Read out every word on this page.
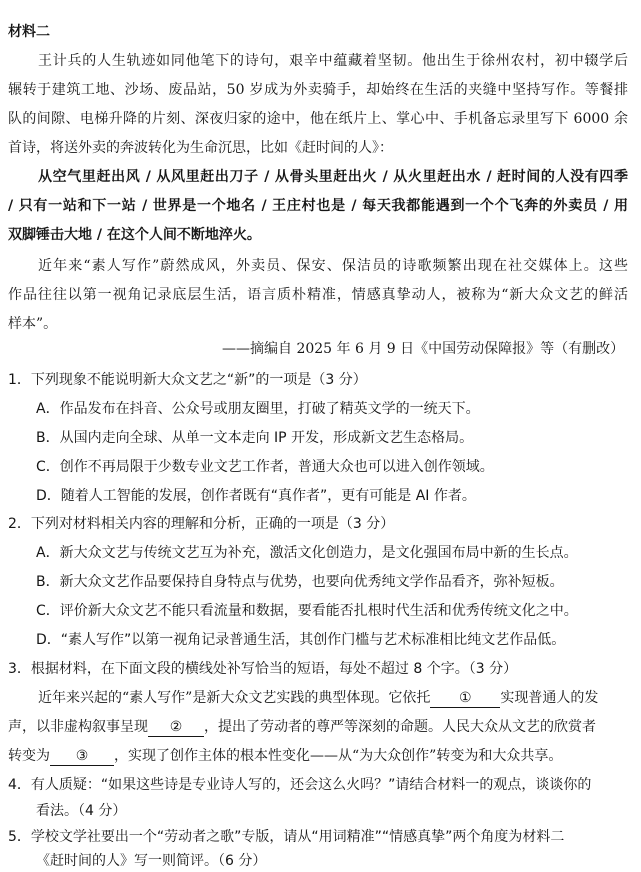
材料二
王计兵的人生轨迹如同他笔下的诗句，艰辛中蕴藏着坚韧。他出生于徐州农村，初中辍学后
辗转于建筑工地、沙场、废品站，50 岁成为外卖骑手，却始终在生活的夹缝中坚持写作。等餐排
队的间隙、电梯升降的片刻、深夜归家的途中，他在纸片上、掌心中、手机备忘录里写下 6000 余
首诗，将送外卖的奔波转化为生命沉思，比如《赶时间的人》：
从空气里赶出风 / 从风里赶出刀子 / 从骨头里赶出火 / 从火里赶出水 / 赶时间的人没有四季
/ 只有一站和下一站 / 世界是一个地名 / 王庄村也是 / 每天我都能遇到一个个飞奔的外卖员 / 用
双脚锤击大地 / 在这个人间不断地淬火。
近年来“素人写作”蔚然成风，外卖员、保安、保洁员的诗歌频繁出现在社交媒体上。这些
作品往往以第一视角记录底层生活，语言质朴精准，情感真挚动人，被称为“新大众文艺的鲜活
样本”。
——摘编自 2025 年 6 月 9 日《中国劳动保障报》等（有删改）
1．下列现象不能说明新大众文艺之“新”的一项是（3 分）
A．作品发布在抖音、公众号或朋友圈里，打破了精英文学的一统天下。
B．从国内走向全球、从单一文本走向 IP 开发，形成新文艺生态格局。
C．创作不再局限于少数专业文艺工作者，普通大众也可以进入创作领域。
D．随着人工智能的发展，创作者既有“真作者”，更有可能是 AI 作者。
2．下列对材料相关内容的理解和分析，正确的一项是（3 分）
A．新大众文艺与传统文艺互为补充，激活文化创造力，是文化强国布局中新的生长点。
B．新大众文艺作品要保持自身特点与优势，也要向优秀纯文学作品看齐，弥补短板。
C．评价新大众文艺不能只看流量和数据，要看能否扎根时代生活和优秀传统文化之中。
D．“素人写作”以第一视角记录普通生活，其创作门槛与艺术标准相比纯文艺作品低。
3．根据材料，在下面文段的横线处补写恰当的短语，每处不超过 8 个字。（3 分）
近年来兴起的“素人写作”是新大众文艺实践的典型体现。它依托 ① 实现普通人的发
声，以非虚构叙事呈现 ② ，提出了劳动者的尊严等深刻的命题。人民大众从文艺的欣赏者
转变为 ③ ，实现了创作主体的根本性变化——从“为大众创作”转变为和大众共享。
4．有人质疑：“如果这些诗是专业诗人写的，还会这么火吗？”请结合材料一的观点，谈谈你的
看法。（4 分）
5．学校文学社要出一个“劳动者之歌”专版，请从“用词精准”“情感真挚”两个角度为材料二
《赶时间的人》写一则简评。（6 分）
